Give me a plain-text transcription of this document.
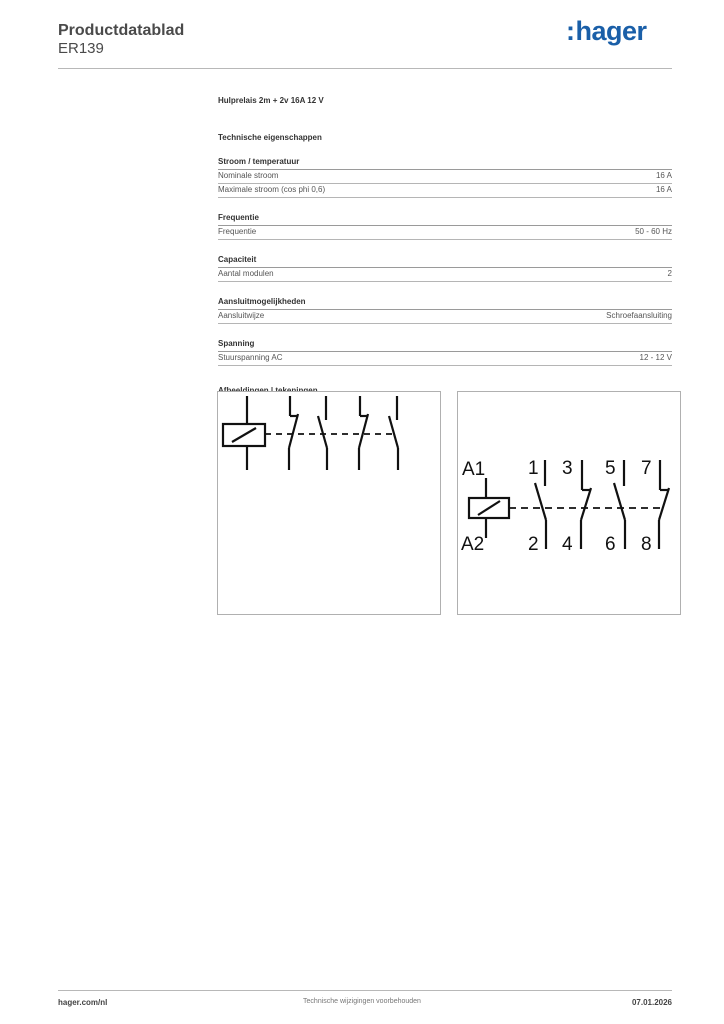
Productdatablad
ER139
:hager
Hulprelais 2m + 2v 16A 12 V
Technische eigenschappen
Stroom / temperatuur
Nominale stroom	16 A
Maximale stroom (cos phi 0,6)	16 A
Frequentie
Frequentie	50 - 60 Hz
Capaciteit
Aantal modulen	2
Aansluitmogelijkheden
Aansluitwijze	Schroefaansluiting
Spanning
Stuurspanning AC	12 - 12 V
A1
A2
1 3 5 7
2 4 6 8
hager.com/nl	Technische wijzigingen voorbehouden	07.01.2026
